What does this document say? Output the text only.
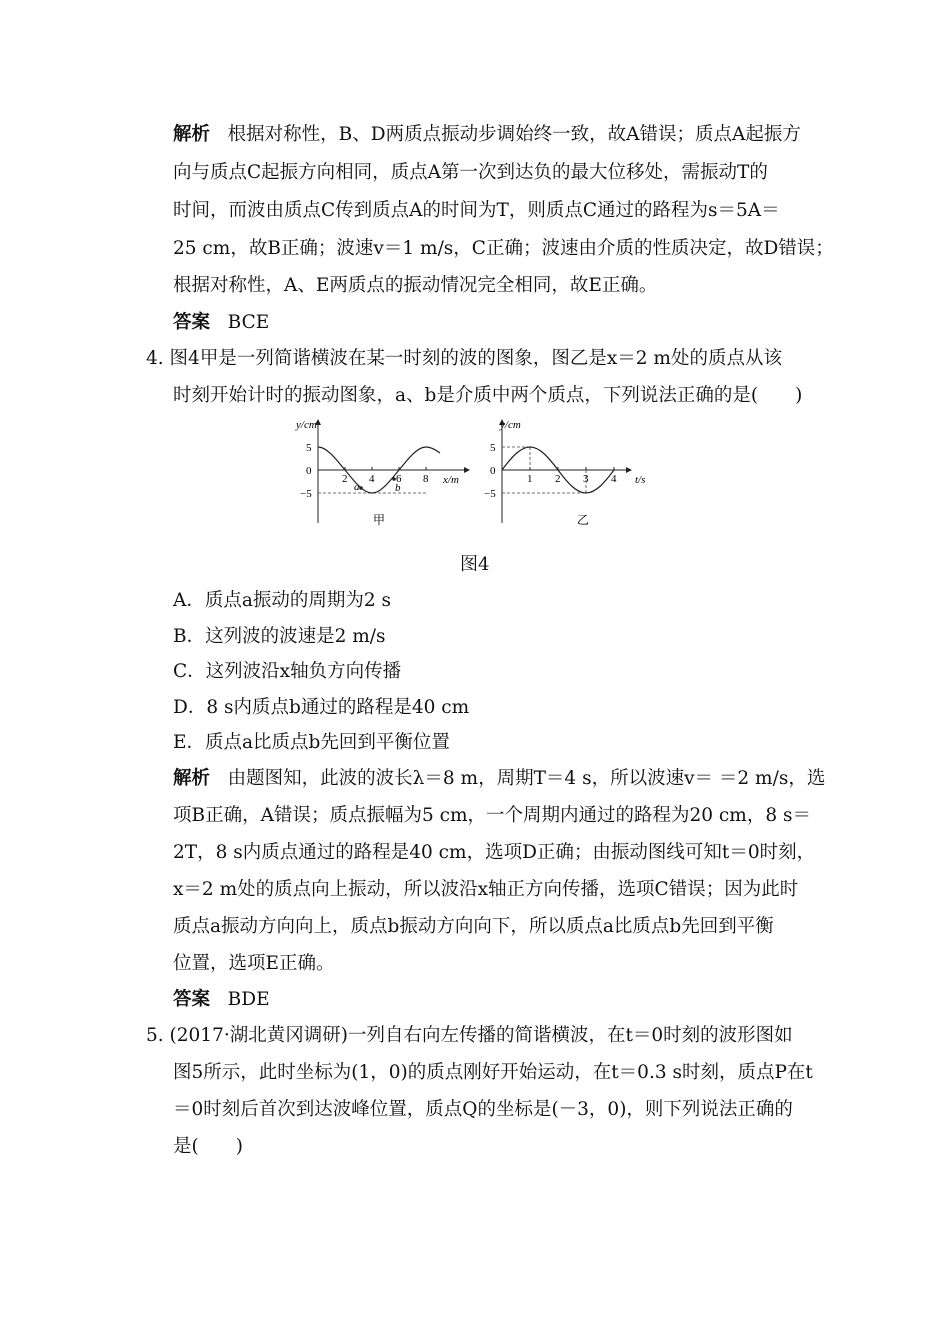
解析 根据对称性，B、D两质点振动步调始终一致，故A错误；质点A起振方
向与质点C起振方向相同，质点A第一次到达负的最大位移处，需振动T的
时间，而波由质点C传到质点A的时间为T，则质点C通过的路程为s＝5A＝
25 cm，故B正确；波速v＝1 m/s，C正确；波速由介质的性质决定，故D错误；
根据对称性，A、E两质点的振动情况完全相同，故E正确。
答案 BCE
4. 图4甲是一列简谐横波在某一时刻的波的图象，图乙是x＝2 m处的质点从该
时刻开始计时的振动图象，a、b是介质中两个质点，下列说法正确的是(　　)
y/cm
5
0
−5
2 4 6 8
a	b
x/m
甲
y/cm
5
0
−5
1 2 3 4 t/s
乙
图4
A．质点a振动的周期为2 s
B．这列波的波速是2 m/s
C．这列波沿x轴负方向传播
D．8 s内质点b通过的路程是40 cm
E．质点a比质点b先回到平衡位置
解析 由题图知，此波的波长λ＝8 m，周期T＝4 s，所以波速v＝ ＝2 m/s，选
项B正确，A错误；质点振幅为5 cm，一个周期内通过的路程为20 cm，8 s＝
2T，8 s内质点通过的路程是40 cm，选项D正确；由振动图线可知t＝0时刻，
x＝2 m处的质点向上振动，所以波沿x轴正方向传播，选项C错误；因为此时
质点a振动方向向上，质点b振动方向向下，所以质点a比质点b先回到平衡
位置，选项E正确。
答案 BDE
5. (2017·湖北黄冈调研)一列自右向左传播的简谐横波，在t＝0时刻的波形图如
图5所示，此时坐标为(1，0)的质点刚好开始运动，在t＝0.3 s时刻，质点P在t
＝0时刻后首次到达波峰位置，质点Q的坐标是(－3，0)，则下列说法正确的
是(　　)
